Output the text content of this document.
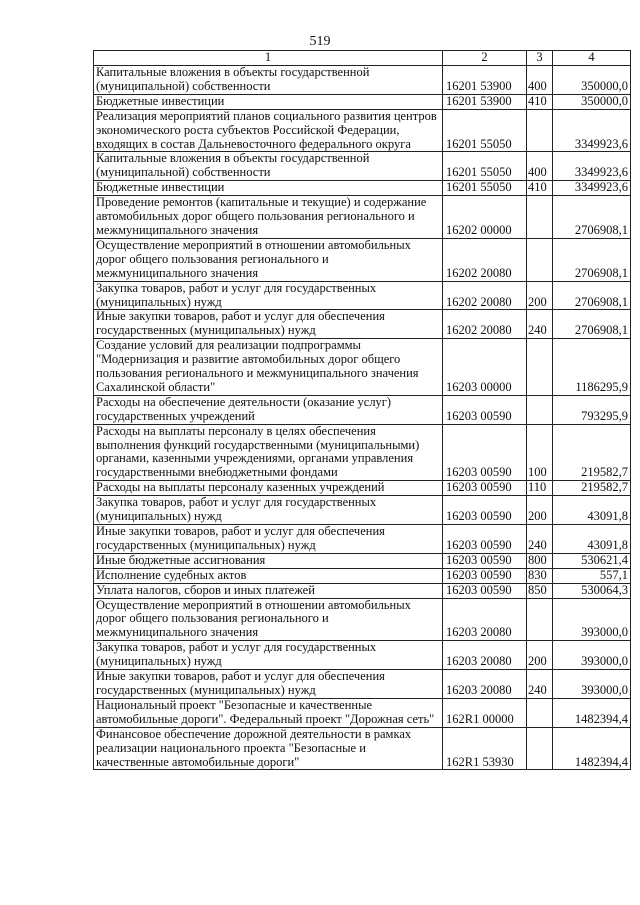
519
1	2	3	4
Капитальные вложения в объекты государственной (муниципальной) собственности	16201 53900	400	350000,0
Бюджетные инвестиции	16201 53900	410	350000,0
Реализация мероприятий планов социального развития центров экономического роста субъектов Российской Федерации, входящих в состав Дальневосточного федерального округа	16201 55050		3349923,6
Капитальные вложения в объекты государственной (муниципальной) собственности	16201 55050	400	3349923,6
Бюджетные инвестиции	16201 55050	410	3349923,6
Проведение ремонтов (капитальные и текущие) и содержание автомобильных дорог общего пользования регионального и межмуниципального значения	16202 00000		2706908,1
Осуществление мероприятий в отношении автомобильных дорог общего пользования регионального и межмуниципального значения	16202 20080		2706908,1
Закупка товаров, работ и услуг для государственных (муниципальных) нужд	16202 20080	200	2706908,1
Иные закупки товаров, работ и услуг для обеспечения государственных (муниципальных) нужд	16202 20080	240	2706908,1
Создание условий для реализации подпрограммы "Модернизация и развитие автомобильных дорог общего пользования регионального и межмуниципального значения Сахалинской области"	16203 00000		1186295,9
Расходы на обеспечение деятельности (оказание услуг) государственных учреждений	16203 00590		793295,9
Расходы на выплаты персоналу в целях обеспечения выполнения функций государственными (муниципальными) органами, казенными учреждениями, органами управления государственными внебюджетными фондами	16203 00590	100	219582,7
Расходы на выплаты персоналу казенных учреждений	16203 00590	110	219582,7
Закупка товаров, работ и услуг для государственных (муниципальных) нужд	16203 00590	200	43091,8
Иные закупки товаров, работ и услуг для обеспечения государственных (муниципальных) нужд	16203 00590	240	43091,8
Иные бюджетные ассигнования	16203 00590	800	530621,4
Исполнение судебных актов	16203 00590	830	557,1
Уплата налогов, сборов и иных платежей	16203 00590	850	530064,3
Осуществление мероприятий в отношении автомобильных дорог общего пользования регионального и межмуниципального значения	16203 20080		393000,0
Закупка товаров, работ и услуг для государственных (муниципальных) нужд	16203 20080	200	393000,0
Иные закупки товаров, работ и услуг для обеспечения государственных (муниципальных) нужд	16203 20080	240	393000,0
Национальный проект "Безопасные и качественные автомобильные дороги". Федеральный проект "Дорожная сеть"	162R1 00000		1482394,4
Финансовое обеспечение дорожной деятельности в рамках реализации национального проекта "Безопасные и качественные автомобильные дороги"	162R1 53930		1482394,4
